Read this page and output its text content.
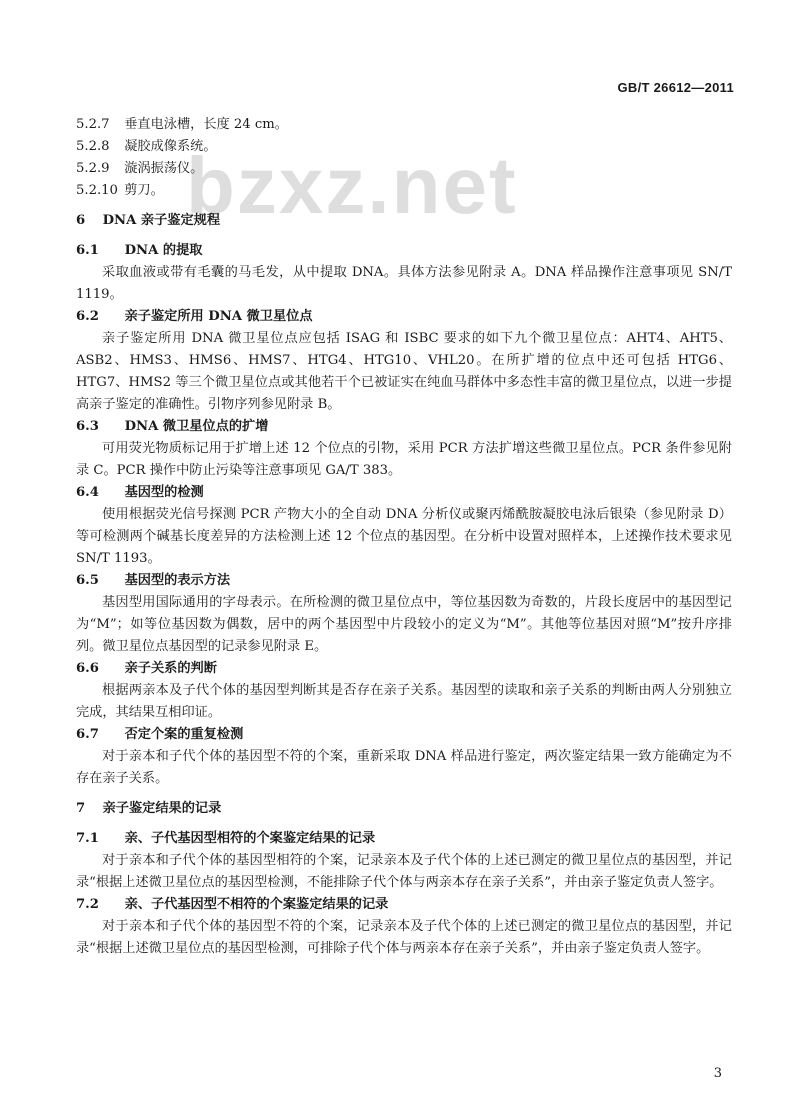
GB/T 26612—2011
bzxz.net
5.2.7 垂直电泳槽，长度 24 cm。
5.2.8 凝胶成像系统。
5.2.9 漩涡振荡仪。
5.2.10 剪刀。
6 DNA 亲子鉴定规程
6.1 DNA 的提取
采取血液或带有毛囊的马毛发，从中提取 DNA。具体方法参见附录 A。DNA 样品操作注意事项见 SN/T 1119。
6.2 亲子鉴定所用 DNA 微卫星位点
亲子鉴定所用 DNA 微卫星位点应包括 ISAG 和 ISBC 要求的如下九个微卫星位点：AHT4、AHT5、ASB2、HMS3、HMS6、HMS7、HTG4、HTG10、VHL20。在所扩增的位点中还可包括 HTG6、HTG7、HMS2 等三个微卫星位点或其他若干个已被证实在纯血马群体中多态性丰富的微卫星位点，以进一步提高亲子鉴定的准确性。引物序列参见附录 B。
6.3 DNA 微卫星位点的扩增
可用荧光物质标记用于扩增上述 12 个位点的引物，采用 PCR 方法扩增这些微卫星位点。PCR 条件参见附录 C。PCR 操作中防止污染等注意事项见 GA/T 383。
6.4 基因型的检测
使用根据荧光信号探测 PCR 产物大小的全自动 DNA 分析仪或聚丙烯酰胺凝胶电泳后银染（参见附录 D）等可检测两个碱基长度差异的方法检测上述 12 个位点的基因型。在分析中设置对照样本，上述操作技术要求见 SN/T 1193。
6.5 基因型的表示方法
基因型用国际通用的字母表示。在所检测的微卫星位点中，等位基因数为奇数的，片段长度居中的基因型记为“M”；如等位基因数为偶数，居中的两个基因型中片段较小的定义为“M”。其他等位基因对照“M”按升序排列。微卫星位点基因型的记录参见附录 E。
6.6 亲子关系的判断
根据两亲本及子代个体的基因型判断其是否存在亲子关系。基因型的读取和亲子关系的判断由两人分别独立完成，其结果互相印证。
6.7 否定个案的重复检测
对于亲本和子代个体的基因型不符的个案，重新采取 DNA 样品进行鉴定，两次鉴定结果一致方能确定为不存在亲子关系。
7 亲子鉴定结果的记录
7.1 亲、子代基因型相符的个案鉴定结果的记录
对于亲本和子代个体的基因型相符的个案，记录亲本及子代个体的上述已测定的微卫星位点的基因型，并记录“根据上述微卫星位点的基因型检测，不能排除子代个体与两亲本存在亲子关系”，并由亲子鉴定负责人签字。
7.2 亲、子代基因型不相符的个案鉴定结果的记录
对于亲本和子代个体的基因型不符的个案，记录亲本及子代个体的上述已测定的微卫星位点的基因型，并记录“根据上述微卫星位点的基因型检测，可排除子代个体与两亲本存在亲子关系”，并由亲子鉴定负责人签字。
3
